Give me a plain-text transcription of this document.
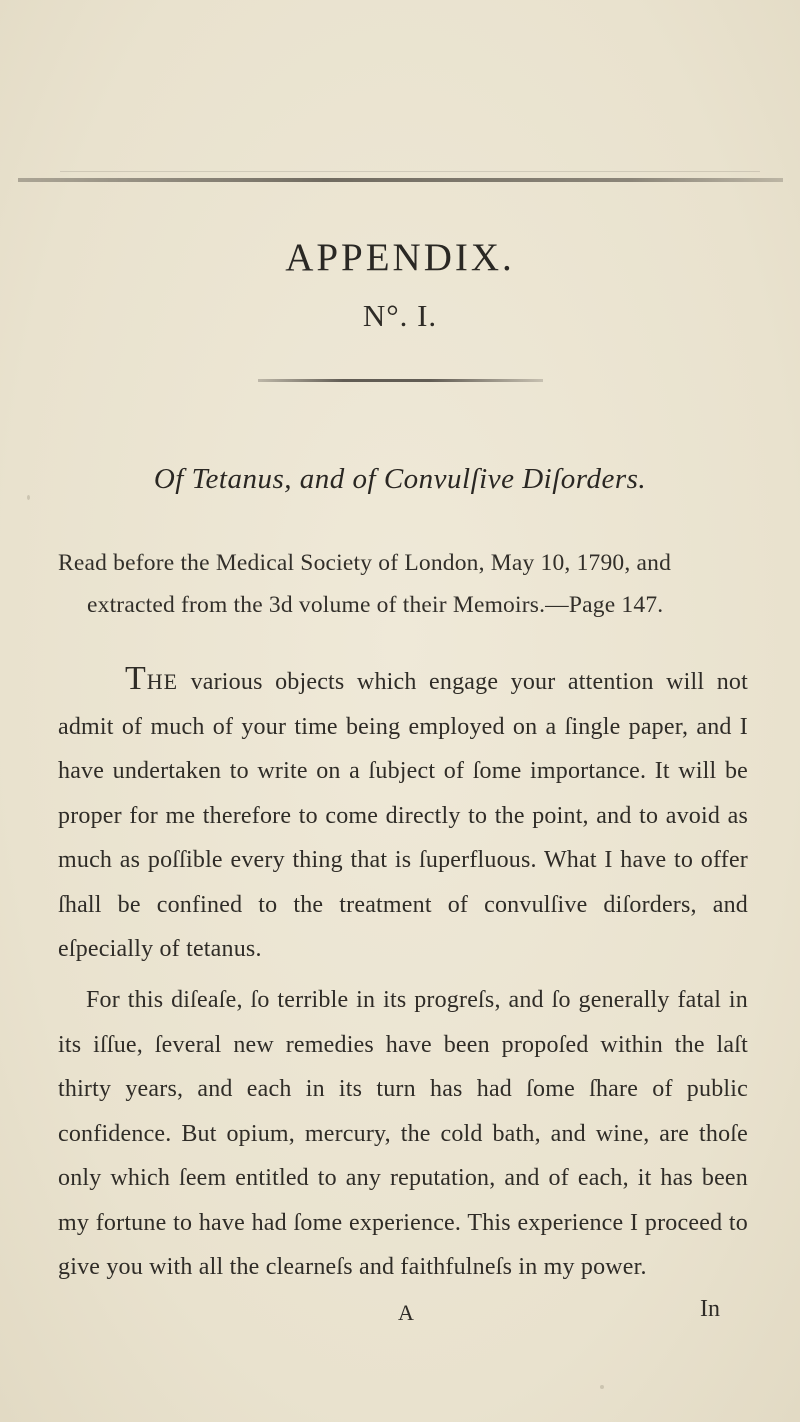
APPENDIX.
N°. I.
Of Tetanus, and of Convulſive Diſorders.
Read before the Medical Society of London, May 10, 1790, and
extracted from the 3d volume of their Memoirs.—Page 147.
THE various objects which engage your attention will not admit of much of your time being employed on a ſingle paper, and I have undertaken to write on a ſubject of ſome importance. It will be proper for me therefore to come directly to the point, and to avoid as much as poſſible every thing that is ſuperfluous. What I have to offer ſhall be confined to the treatment of convulſive diſorders, and eſpecially of tetanus.
For this diſeaſe, ſo terrible in its progreſs, and ſo generally fatal in its iſſue, ſeveral new remedies have been propoſed within the laſt thirty years, and each in its turn has had ſome ſhare of public confidence. But opium, mercury, the cold bath, and wine, are thoſe only which ſeem entitled to any reputation, and of each, it has been my fortune to have had ſome experience. This experience I proceed to give you with all the clearneſs and faithfulneſs in my power.
A	In
